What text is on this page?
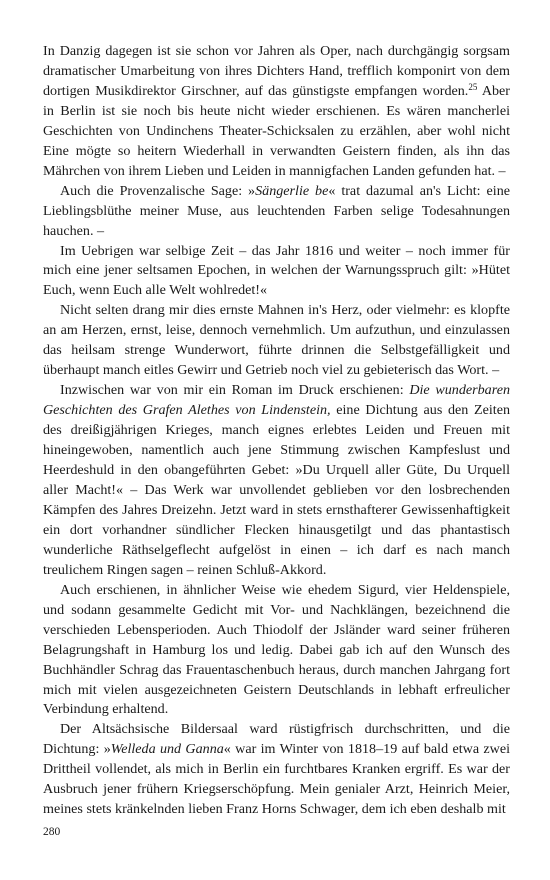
In Danzig dagegen ist sie schon vor Jahren als Oper, nach durchgängig sorgsam dramatischer Umarbeitung von ihres Dichters Hand, trefflich komponirt von dem dortigen Musikdirektor Girschner, auf das günstigste empfangen worden.$^{25}$ Aber in Berlin ist sie noch bis heute nicht wieder erschienen. Es wären mancherlei Geschichten von Undinchens Theater-Schicksalen zu erzählen, aber wohl nicht Eine mögte so heitern Wiederhall in verwandten Geistern finden, als ihn das Mährchen von ihrem Lieben und Leiden in mannigfachen Landen gefunden hat. –

Auch die Provenzalische Sage: »Sängerlie be« trat dazumal an's Licht: eine Lieblingsblüthe meiner Muse, aus leuchtenden Farben selige Todesahnungen hauchen. –

Im Uebrigen war selbige Zeit – das Jahr 1816 und weiter – noch immer für mich eine jener seltsamen Epochen, in welchen der Warnungsspruch gilt: »Hütet Euch, wenn Euch alle Welt wohlredet!«

Nicht selten drang mir dies ernste Mahnen in's Herz, oder vielmehr: es klopfte an am Herzen, ernst, leise, dennoch vernehmlich. Um aufzuthun, und einzulassen das heilsam strenge Wunderwort, führte drinnen die Selbstgefälligkeit und überhaupt manch eitles Gewirr und Getrieb noch viel zu gebieterisch das Wort. –

Inzwischen war von mir ein Roman im Druck erschienen: Die wunderbaren Geschichten des Grafen Alethes von Lindenstein, eine Dichtung aus den Zeiten des dreißigjährigen Krieges, manch eignes erlebtes Leiden und Freuen mit hineingewoben, namentlich auch jene Stimmung zwischen Kampfeslust und Heerdeshuld in den obangeführten Gebet: »Du Urquell aller Güte, Du Urquell aller Macht!« – Das Werk war unvollendet geblieben vor den losbrechenden Kämpfen des Jahres Dreizehn. Jetzt ward in stets ernsthafterer Gewissenhaftigkeit ein dort vorhandner sündlicher Flecken hinausgetilgt und das phantastisch wunderliche Räthselgeflecht aufgelöst in einen – ich darf es nach manch treulichem Ringen sagen – reinen Schluß-Akkord.

Auch erschienen, in ähnlicher Weise wie ehedem Sigurd, vier Heldenspiele, und sodann gesammelte Gedicht mit Vor- und Nachklängen, bezeichnend die verschieden Lebensperioden. Auch Thiodolf der Jsländer ward seiner früheren Belagrungshaft in Hamburg los und ledig. Dabei gab ich auf den Wunsch des Buchhändler Schrag das Frauentaschenbuch heraus, durch manchen Jahrgang fort mich mit vielen ausgezeichneten Geistern Deutschlands in lebhaft erfreulicher Verbindung erhaltend.

Der Altsächsische Bildersaal ward rüstigfrisch durchschritten, und die Dichtung: »Welleda und Ganna« war im Winter von 1818–19 auf bald etwa zwei Drittheil vollendet, als mich in Berlin ein furchtbares Kranken ergriff. Es war der Ausbruch jener frühern Kriegserschöpfung. Mein genialer Arzt, Heinrich Meier, meines stets kränkelnden lieben Franz Horns Schwager, dem ich eben deshalb mit

280
